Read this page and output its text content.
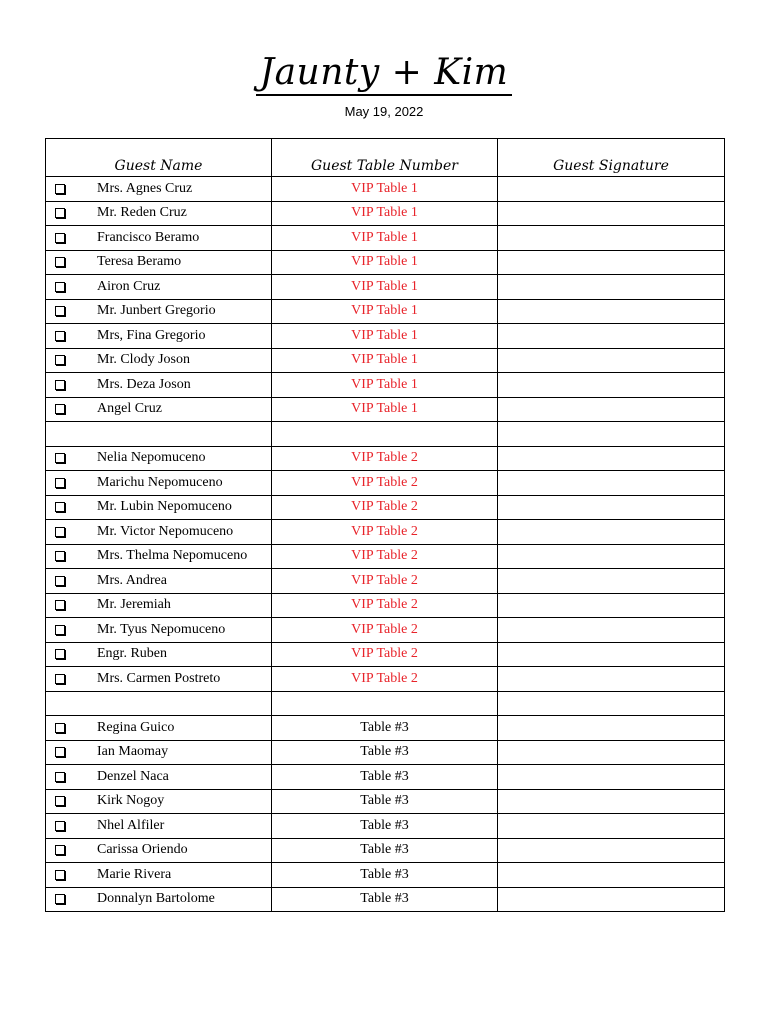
Jaunty + Kim
May 19, 2022
Guest Name	Guest Table Number	Guest Signature

Mrs. Agnes Cruz	VIP Table 1	

Mr. Reden Cruz	VIP Table 1	

Francisco Beramo	VIP Table 1	

Teresa Beramo	VIP Table 1	

Airon Cruz	VIP Table 1	

Mr. Junbert Gregorio	VIP Table 1	

Mrs, Fina Gregorio	VIP Table 1	

Mr. Clody Joson	VIP Table 1	

Mrs. Deza Joson	VIP Table 1	

Angel Cruz	VIP Table 1	

Nelia Nepomuceno	VIP Table 2	

Marichu Nepomuceno	VIP Table 2	

Mr. Lubin Nepomuceno	VIP Table 2	

Mr. Victor Nepomuceno	VIP Table 2	

Mrs. Thelma Nepomuceno	VIP Table 2	

Mrs. Andrea	VIP Table 2	

Mr. Jeremiah	VIP Table 2	

Mr. Tyus Nepomuceno	VIP Table 2	

Engr. Ruben	VIP Table 2	

Mrs. Carmen Postreto	VIP Table 2	

Regina Guico	Table #3	

Ian Maomay	Table #3	

Denzel Naca	Table #3	

Kirk Nogoy	Table #3	

Nhel Alfiler	Table #3	

Carissa Oriendo	Table #3	

Marie Rivera	Table #3	

Donnalyn Bartolome	Table #3	
